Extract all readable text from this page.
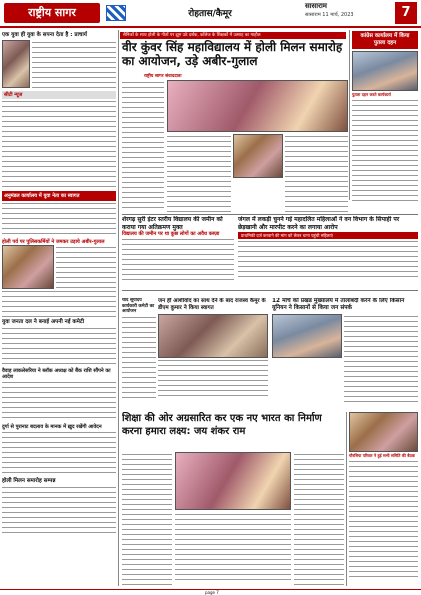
राष्ट्रीय सागर	रोहतास/कैमूर
सासाराम
सासाराम 11 मार्च, 2023	7
एक युवा ही युवा के सपना देता है : प्राचार्य
सीटी न्यूज
अनुमंडल कार्यालय में युवा नेता का स्वागत
होली पर्व पर पुलिसकर्मियों ने जमकर उड़ाये अबीर-गुलाल
युवा जनता दल ने बनाई अपनी नई कमेटी
वैवाह लाकलेसरिया ने ब्लॉक अध्यक्ष को बैंक राशि सौंपने का आदेश
दुर्गा से पुरानाट बदलाव के मानक में ख़ुद रखेंगी आवेदन
होली मिलन समारोह सम्पन्न
सैनिकों के साथ होली के गीतों पर झूम उठे दर्शक, कॉलेज के शिक्षकों में उत्साह का माहौल
वीर कुंवर सिंह महाविद्यालय में होली मिलन समारोह का आयोजन, उड़े अबीर-गुलाल
राष्ट्रीय सागर संवाददाता
कांग्रेस कार्यालय में किया पुतला दहन
पुतला दहन करते कार्यकर्ता
शेरगढ़ सुरी इंटर स्तरीय विद्यालय की जमीन को कराया गया अतिक्रमण मुक्त
विद्यालय की जमीन पर था कुछ लोगों का अवैध कब्ज़ा
जंगल में लकड़ी चुनने गई महादलित महिलाओं ने वन विभाग के सिपाही पर छेड़खानी और मारपीट करने का लगाया आरोप
प्राथमिकी दर्ज करवाने की मांग को लेकर थाना पहुंची महिलाएं
जन ही आशीर्वाद का साथ देने के बाद राजस्व कैमूर के डीएम कुमार ने किया स्वागत
चांद सूर्योदय कार्यकारी कमेटी का आयोजन
12 मार्च को प्रखंड मुख्यालय में तालाबंदी करने के लिए किसान यूनियन ने किसानों से किया जन संपर्क
शिक्षा की ओर अग्रसारित कर एक नए भारत का निर्माण करना हमारा लक्ष्य: जय शंकर राम
चौरसिया परिवार ने हुई सभी समिति की बैठक
page 7
